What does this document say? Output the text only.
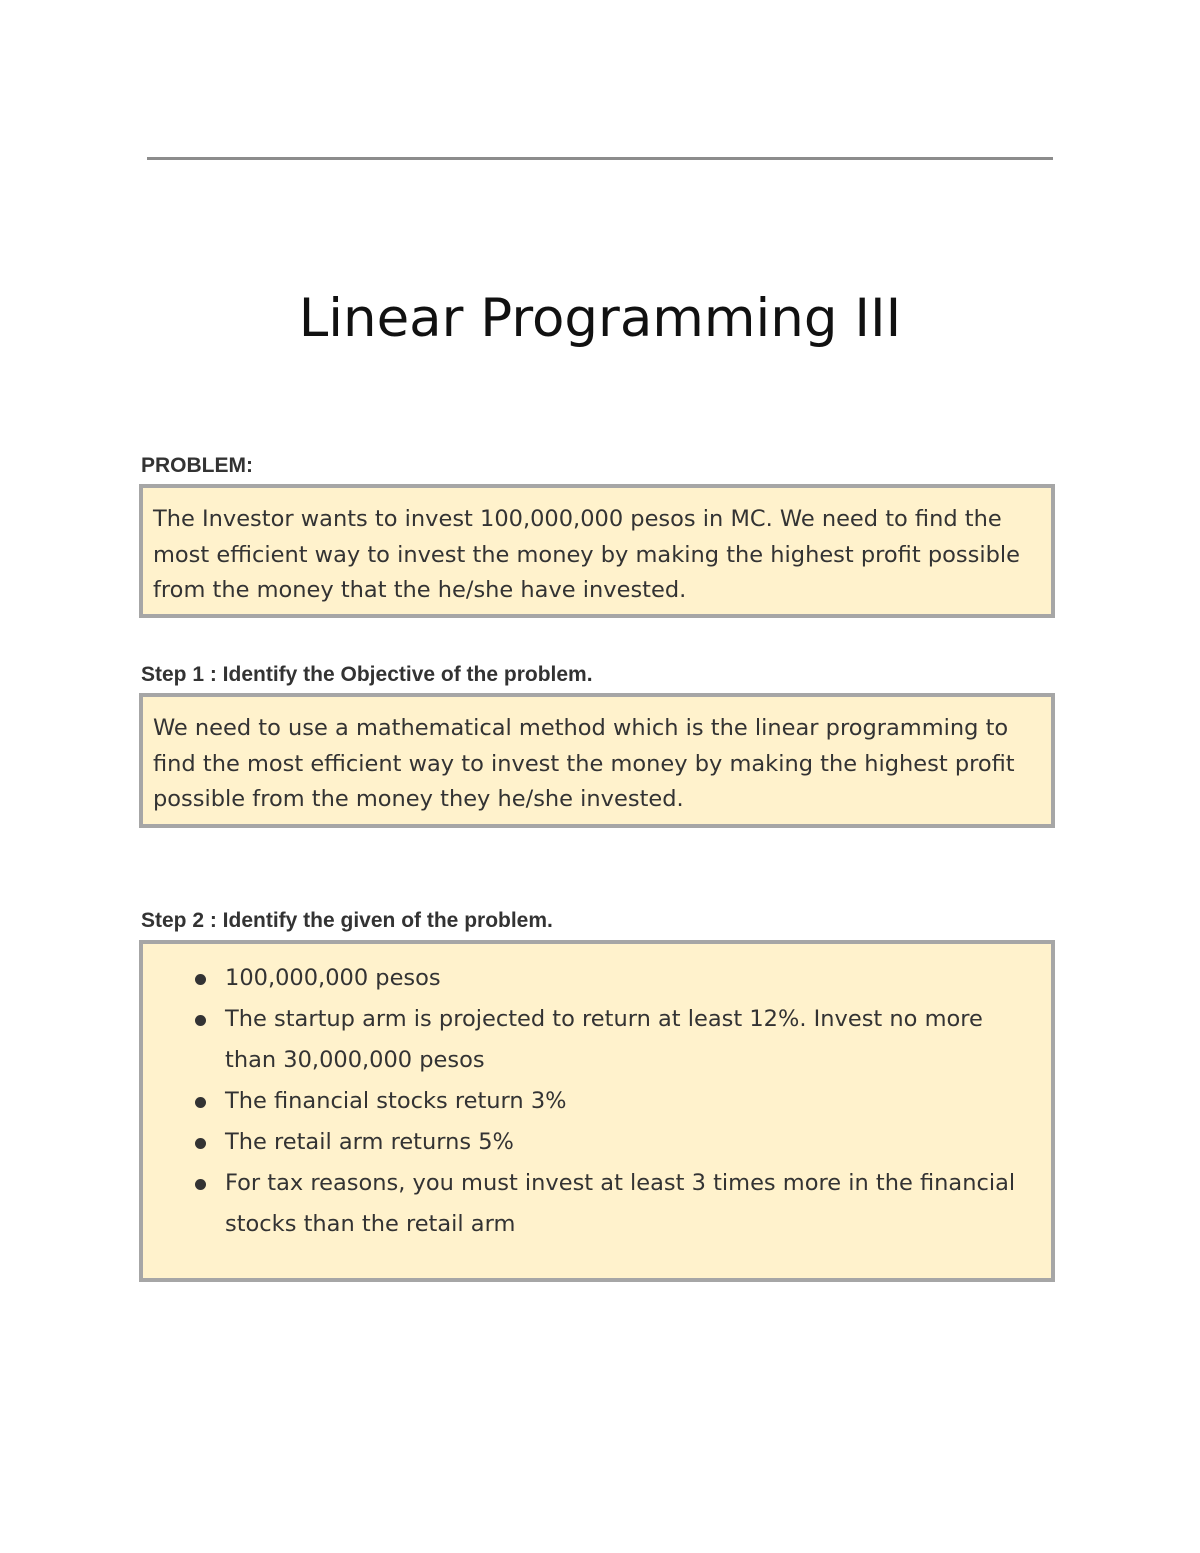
Linear Programming III
PROBLEM:

The Investor wants to invest 100,000,000 pesos in MC. We need to find the most efficient way to invest the money by making the highest profit possible from the money that the he/she have invested.

Step 1 : Identify the Objective of the problem.

We need to use a mathematical method which is the linear programming to find the most efficient way to invest the money by making the highest profit possible from the money they he/she invested.

Step 2 : Identify the given of the problem.
100,000,000 pesos
The startup arm is projected to return at least 12%. Invest no more than 30,000,000 pesos
The financial stocks return 3%
The retail arm returns 5%
For tax reasons, you must invest at least 3 times more in the financial stocks than the retail arm
